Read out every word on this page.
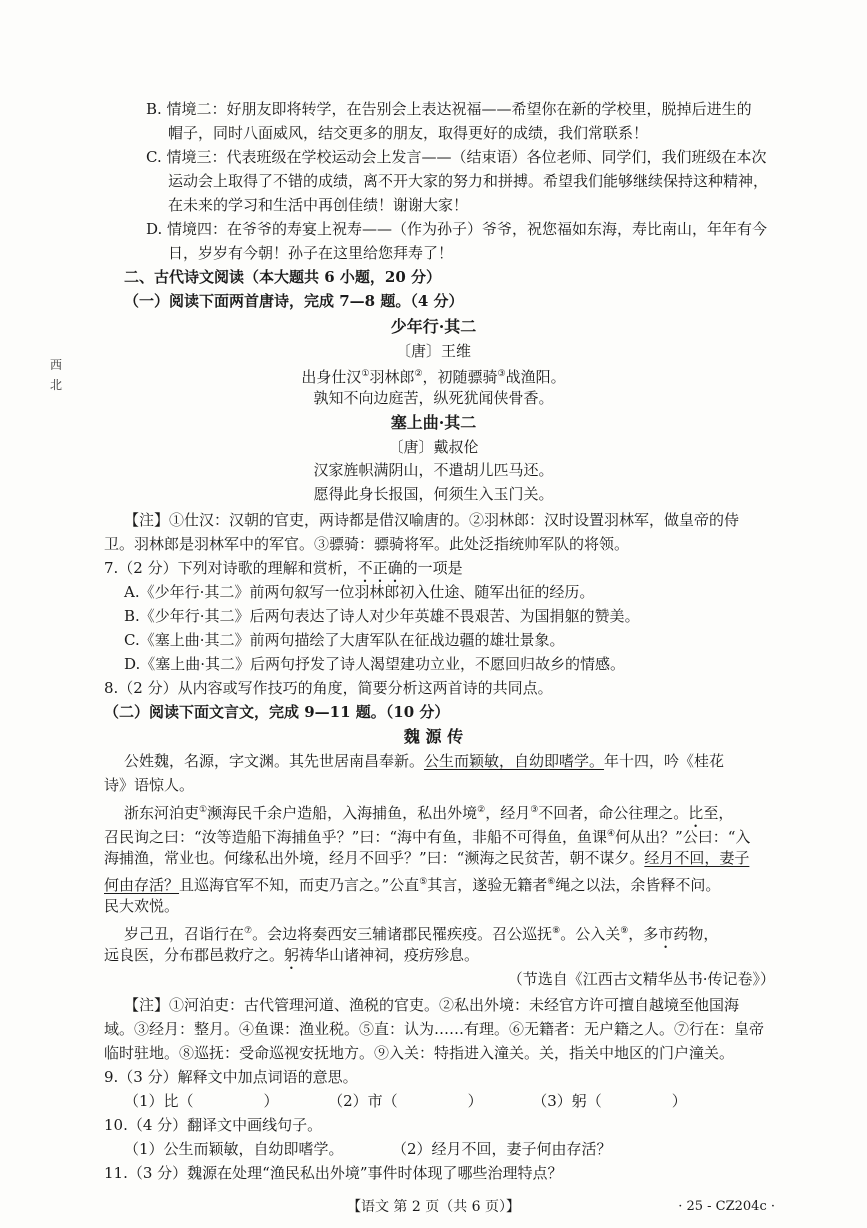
B. 情境二：好朋友即将转学，在告别会上表达祝福——希望你在新的学校里，脱掉后进生的
帽子，同时八面威风，结交更多的朋友，取得更好的成绩，我们常联系！
C. 情境三：代表班级在学校运动会上发言——（结束语）各位老师、同学们，我们班级在本次
运动会上取得了不错的成绩，离不开大家的努力和拼搏。希望我们能够继续保持这种精神，
在未来的学习和生活中再创佳绩！谢谢大家！
D. 情境四：在爷爷的寿宴上祝寿——（作为孙子）爷爷，祝您福如东海，寿比南山，年年有今
日，岁岁有今朝！孙子在这里给您拜寿了！
二、古代诗文阅读（本大题共 6 小题，20 分）
（一）阅读下面两首唐诗，完成 7—8 题。（4 分）
西北
少年行·其二
〔唐〕王维
出身仕汉①羽林郎②，初随骠骑③战渔阳。
孰知不向边庭苦，纵死犹闻侠骨香。
塞上曲·其二
〔唐〕戴叔伦
汉家旌帜满阴山，不遣胡儿匹马还。
愿得此身长报国，何须生入玉门关。
【注】①仕汉：汉朝的官吏，两诗都是借汉喻唐的。②羽林郎：汉时设置羽林军，做皇帝的侍
卫。羽林郎是羽林军中的军官。③骠骑：骠骑将军。此处泛指统帅军队的将领。
7.（2 分）下列对诗歌的理解和赏析，不正确的一项是
A.《少年行·其二》前两句叙写一位羽林郎初入仕途、随军出征的经历。
B.《少年行·其二》后两句表达了诗人对少年英雄不畏艰苦、为国捐躯的赞美。
C.《塞上曲·其二》前两句描绘了大唐军队在征战边疆的雄壮景象。
D.《塞上曲·其二》后两句抒发了诗人渴望建功立业，不愿回归故乡的情感。
8.（2 分）从内容或写作技巧的角度，简要分析这两首诗的共同点。
（二）阅读下面文言文，完成 9—11 题。（10 分）
魏 源 传
公姓魏，名源，字文渊。其先世居南昌奉新。公生而颖敏，自幼即嗜学。年十四，吟《桂花
诗》语惊人。
浙东河泊吏①濒海民千余户造船，入海捕鱼，私出外境②，经月③不回者，命公往理之。比至，
召民询之曰：“汝等造船下海捕鱼乎？”曰：“海中有鱼，非船不可得鱼，鱼课④何从出？”公曰：“入
海捕渔，常业也。何缘私出外境，经月不回乎？”曰：“濒海之民贫苦，朝不谋夕。经月不回，妻子
何由存活？且巡海官军不知，而吏乃言之。”公直⑤其言，遂验无籍者⑥绳之以法，余皆释不问。
民大欢悦。
岁己丑，召诣行在⑦。会边将奏西安三辅诸郡民罹疾疫。召公巡抚⑧。公入关⑨，多市药物，
远良医，分布郡邑救疗之。躬祷华山诸神祠，疫疠殄息。
（节选自《江西古文精华丛书·传记卷》）
【注】①河泊吏：古代管理河道、渔税的官吏。②私出外境：未经官方许可擅自越境至他国海
域。③经月：整月。④鱼课：渔业税。⑤直：认为……有理。⑥无籍者：无户籍之人。⑦行在：皇帝
临时驻地。⑧巡抚：受命巡视安抚地方。⑨入关：特指进入潼关。关，指关中地区的门户潼关。
9.（3 分）解释文中加点词语的意思。
（1）比（	）	（2）市（	）	（3）躬（	）
10.（4 分）翻译文中画线句子。
（1）公生而颖敏，自幼即嗜学。	（2）经月不回，妻子何由存活？
11.（3 分）魏源在处理“渔民私出外境”事件时体现了哪些治理特点？
【语文 第 2 页（共 6 页）】	· 25 - CZ204c ·
